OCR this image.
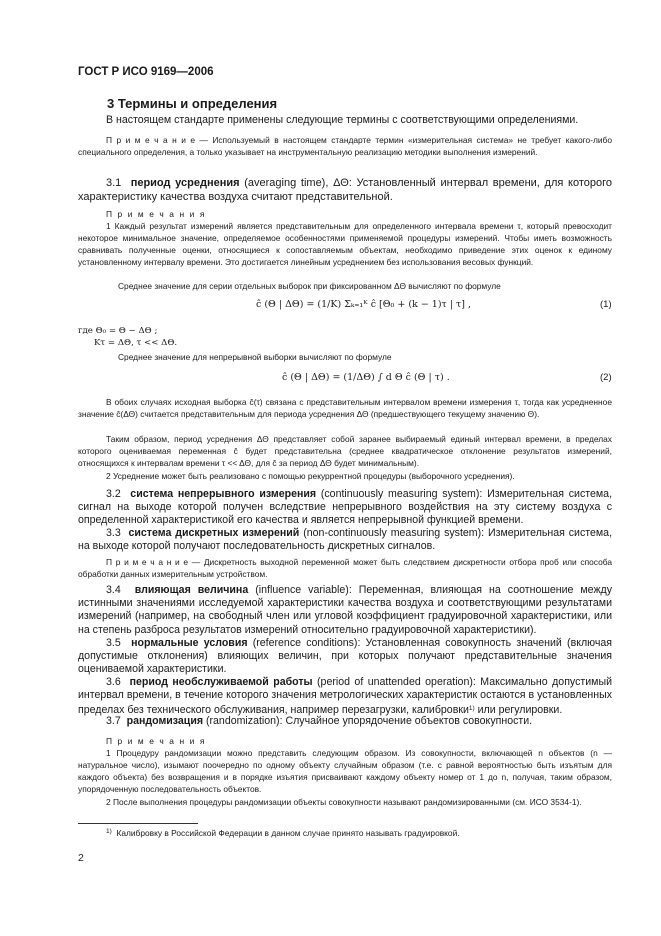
ГОСТ Р ИСО 9169—2006
3 Термины и определения
В настоящем стандарте применены следующие термины с соответствующими определениями.
П р и м е ч а н и е — Используемый в настоящем стандарте термин «измерительная система» не требует какого-либо специального определения, а только указывает на инструментальную реализацию методики выполнения измерений.
3.1 период усреднения (averaging time), ΔΘ: Установленный интервал времени, для которого характеристику качества воздуха считают представительной.
П р и м е ч а н и я
1 Каждый результат измерений является представительным для определенного интервала времени τ, который превосходит некоторое минимальное значение, определяемое особенностями применяемой процедуры измерений. Чтобы иметь возможность сравнивать полученные оценки, относящиеся к сопоставляемым объектам, необходимо приведение этих оценок к единому установленному интервалу времени. Это достигается линейным усреднением без использования весовых функций.
Среднее значение для серии отдельных выборок при фиксированном ΔΘ вычисляют по формуле
ĉ (Θ | ΔΘ) = (1/K) Σₖ₌₁ᴷ ĉ [Θ₀ + (k − 1)τ | τ] ,	(1)
где Θ₀ = Θ − ΔΘ ;
Kτ = ΔΘ, τ << ΔΘ.
Среднее значение для непрерывной выборки вычисляют по формуле
ĉ (Θ | ΔΘ) = (1/ΔΘ) ∫ d Θ ĉ (Θ | τ) .	(2)
В обоих случаях исходная выборка ĉ(τ) связана с представительным интервалом времени измерения τ, тогда как усредненное значение ĉ(ΔΘ) считается представительным для периода усреднения ΔΘ (предшествующего текущему значению Θ).
Таким образом, период усреднения ΔΘ представляет собой заранее выбираемый единый интервал времени, в пределах которого оцениваемая переменная ĉ будет представительна (среднее квадратическое отклонение результатов измерений, относящихся к интервалам времени τ << ΔΘ, для ĉ за период ΔΘ будет минимальным).
2 Усреднение может быть реализовано с помощью рекуррентной процедуры (выборочного усреднения).
3.2 система непрерывного измерения (continuously measuring system): Измерительная система, сигнал на выходе которой получен вследствие непрерывного воздействия на эту систему воздуха с определенной характеристикой его качества и является непрерывной функцией времени.
3.3 система дискретных измерений (non-continuously measuring system): Измерительная система, на выходе которой получают последовательность дискретных сигналов.
П р и м е ч а н и е — Дискретность выходной переменной может быть следствием дискретности отбора проб или способа обработки данных измерительным устройством.
3.4 влияющая величина (influence variable): Переменная, влияющая на соотношение между истинными значениями исследуемой характеристики качества воздуха и соответствующими результатами измерений (например, на свободный член или угловой коэффициент градуировочной характеристики, или на степень разброса результатов измерений относительно градуировочной характеристики).
3.5 нормальные условия (reference conditions): Установленная совокупность значений (включая допустимые отклонения) влияющих величин, при которых получают представительные значения оцениваемой характеристики.
3.6 период необслуживаемой работы (period of unattended operation): Максимально допустимый интервал времени, в течение которого значения метрологических характеристик остаются в установленных пределах без технического обслуживания, например перезагрузки, калибровки$^{1)}$ или регулировки.
3.7 рандомизация (randomization): Случайное упорядочение объектов совокупности.
П р и м е ч а н и я
1 Процедуру рандомизации можно представить следующим образом. Из совокупности, включающей n объектов (n — натуральное число), изымают поочередно по одному объекту случайным образом (т.е. с равной вероятностью быть изъятым для каждого объекта) без возвращения и в порядке изъятия присваивают каждому объекту номер от 1 до n, получая, таким образом, упорядоченную последовательность объектов.
2 После выполнения процедуры рандомизации объекты совокупности называют рандомизированными (см. ИСО 3534-1).
$^{1)}$ Калибровку в Российской Федерации в данном случае принято называть градуировкой.
2
